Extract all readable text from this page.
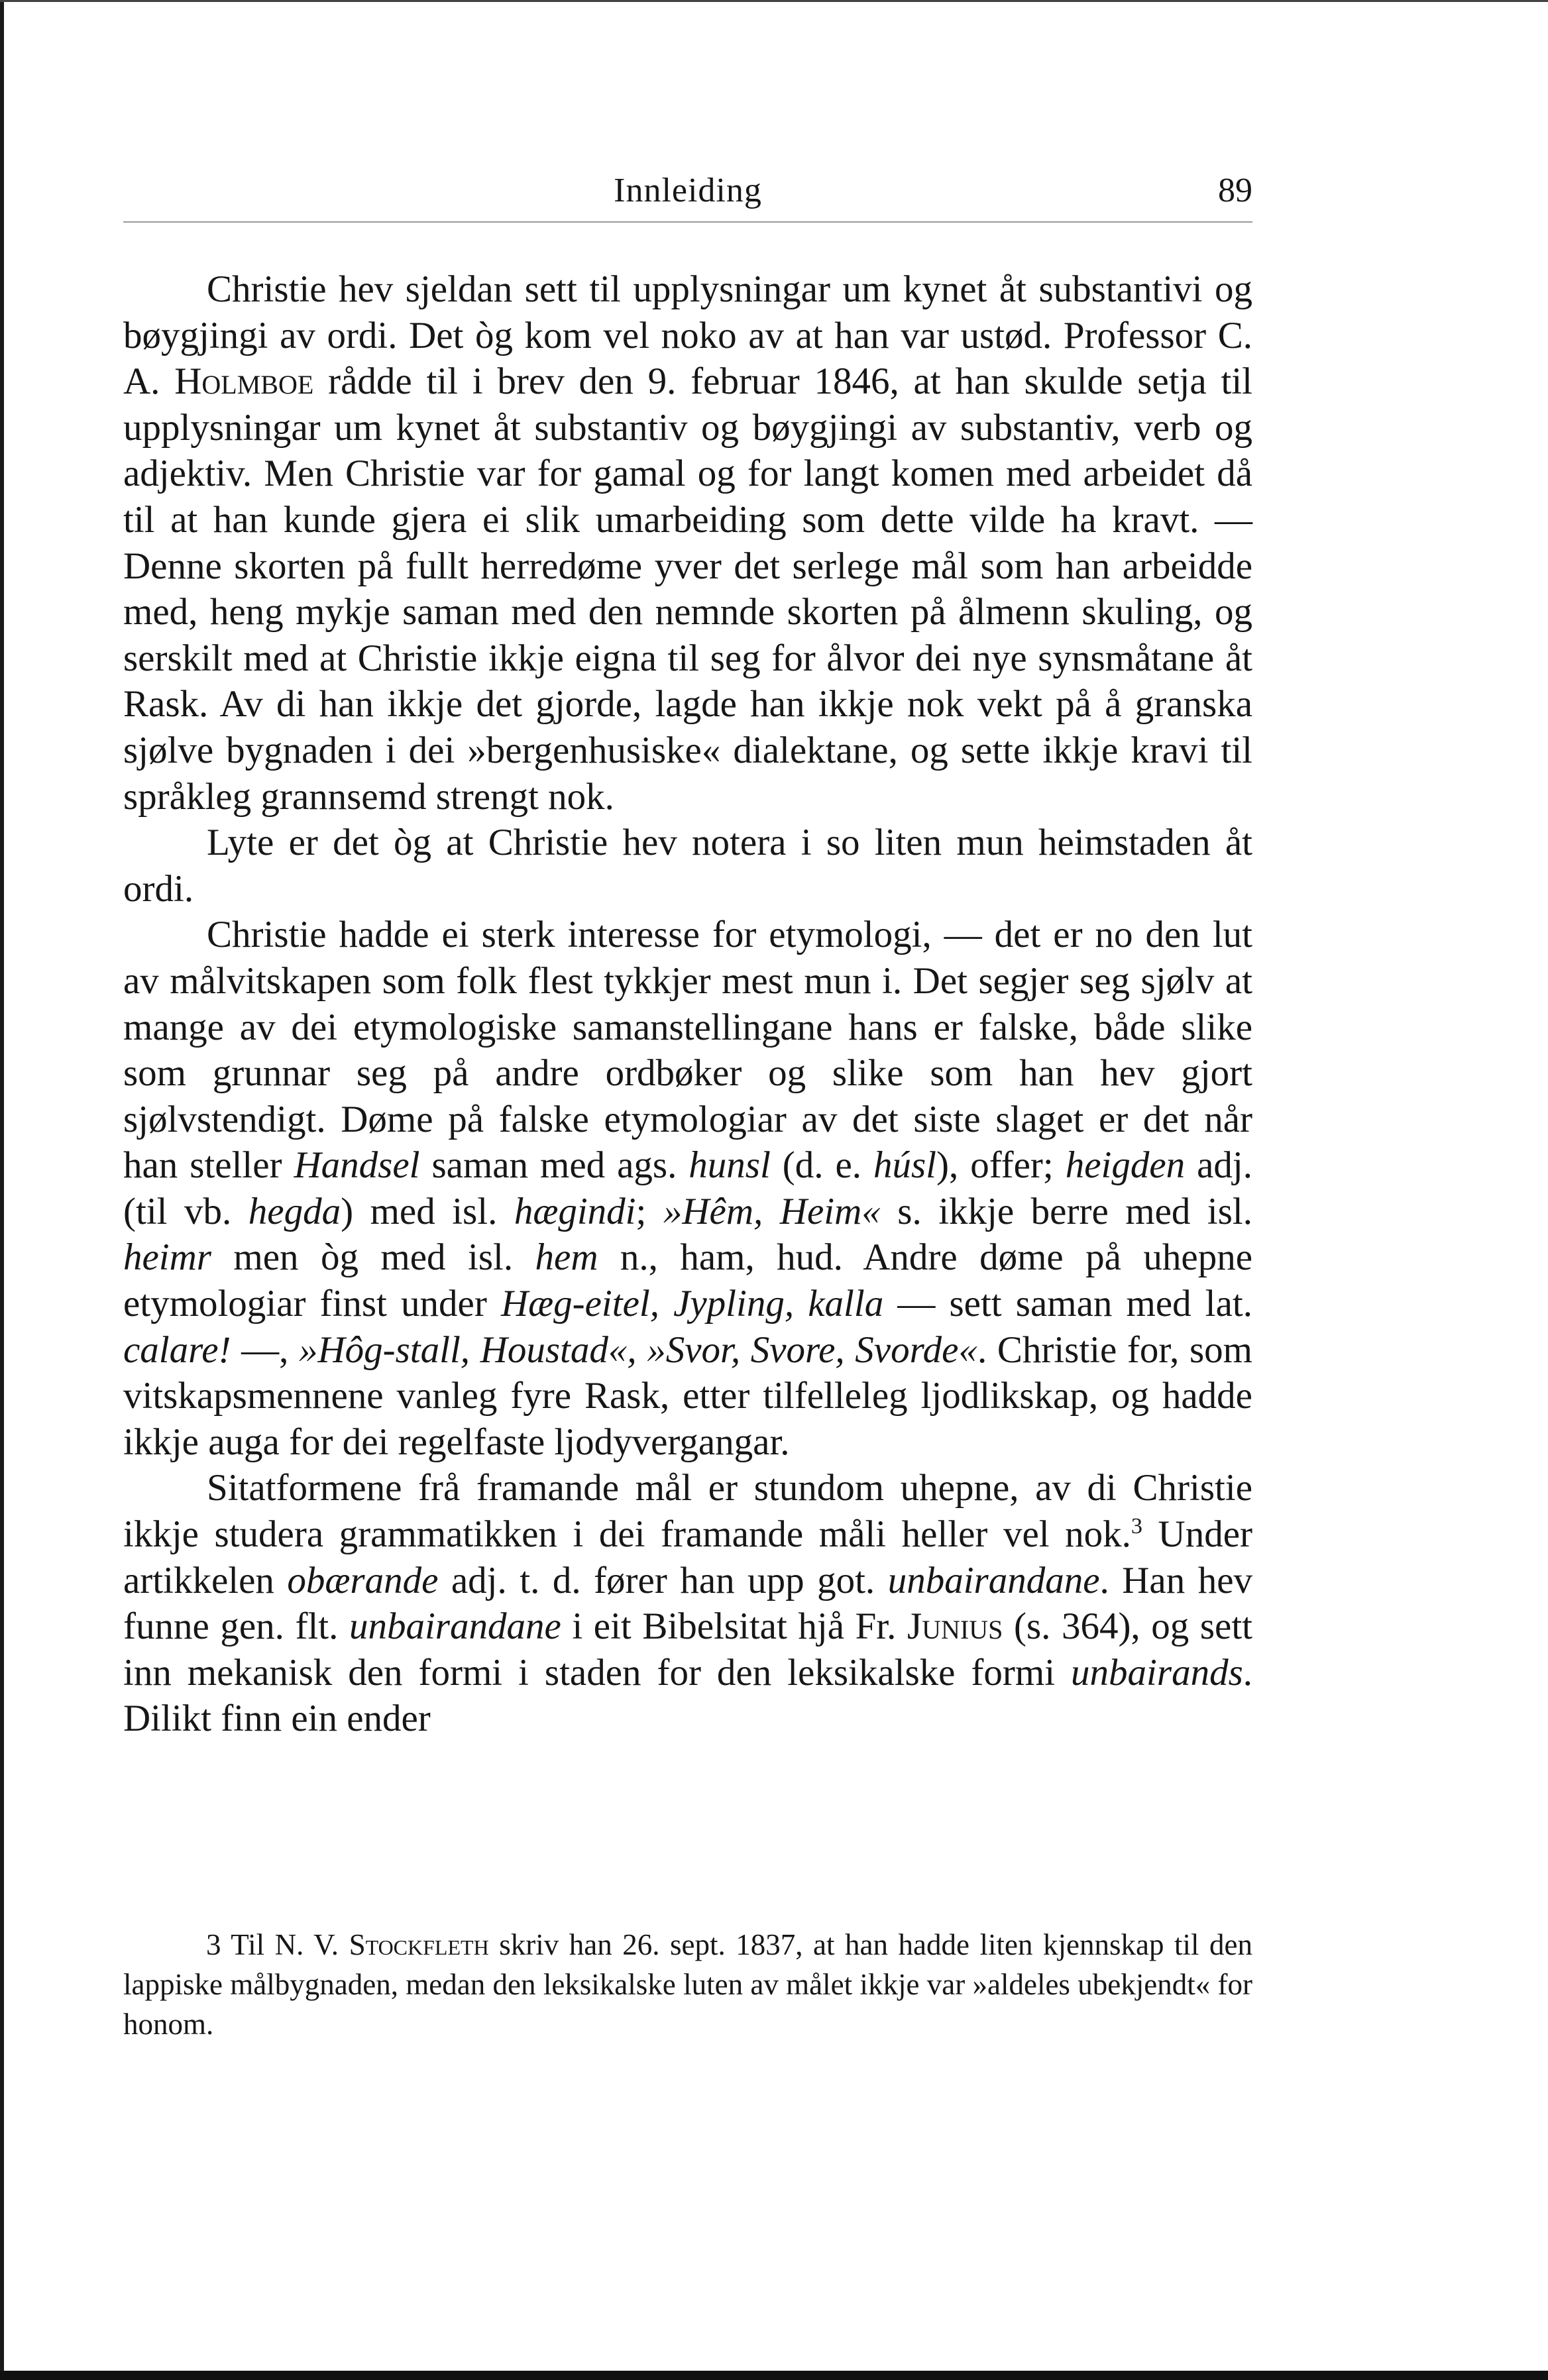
Innleiding	89

Christie hev sjeldan sett til upplysningar um kynet åt substantivi og bøygjingi av ordi. Det òg kom vel noko av at han var ustød. Professor C. A. Holmboe rådde til i brev den 9. februar 1846, at han skulde setja til upplysningar um kynet åt substantiv og bøygjingi av substantiv, verb og adjektiv. Men Christie var for gamal og for langt komen med arbeidet då til at han kunde gjera ei slik umarbeiding som dette vilde ha kravt. — Denne skorten på fullt herredøme yver det serlege mål som han arbeidde med, heng mykje saman med den nemnde skorten på ålmenn skuling, og serskilt med at Christie ikkje eigna til seg for ålvor dei nye synsmåtane åt Rask. Av di han ikkje det gjorde, lagde han ikkje nok vekt på å granska sjølve bygnaden i dei »bergenhusiske« dialektane, og sette ikkje kravi til språkleg grannsemd strengt nok.

Lyte er det òg at Christie hev notera i so liten mun heimstaden åt ordi.

Christie hadde ei sterk interesse for etymologi, — det er no den lut av målvitskapen som folk flest tykkjer mest mun i. Det segjer seg sjølv at mange av dei etymologiske samanstellingane hans er falske, både slike som grunnar seg på andre ordbøker og slike som han hev gjort sjølvstendigt. Døme på falske etymologiar av det siste slaget er det når han steller Handsel saman med ags. hunsl (d. e. húsl), offer; heigden adj. (til vb. hegda) med isl. hægindi; »Hêm, Heim« s. ikkje berre med isl. heimr men òg med isl. hem n., ham, hud. Andre døme på uhepne etymologiar finst under Hæg-eitel, Jypling, kalla — sett saman med lat. calare! —, »Hôg-stall, Houstad«, »Svor, Svore, Svorde«. Christie for, som vitskapsmennene vanleg fyre Rask, etter tilfelleleg ljodlikskap, og hadde ikkje auga for dei regelfaste ljodyvergangar.

Sitatformene frå framande mål er stundom uhepne, av di Christie ikkje studera grammatikken i dei framande måli heller vel nok.$^3$ Under artikkelen obærande adj. t. d. fører han upp got. unbairandane. Han hev funne gen. flt. unbairandane i eit Bibelsitat hjå Fr. Junius (s. 364), og sett inn mekanisk den formi i staden for den leksikalske formi unbairands. Dilikt finn ein ender

3 Til N. V. Stockfleth skriv han 26. sept. 1837, at han hadde liten kjennskap til den lappiske målbygnaden, medan den leksikalske luten av målet ikkje var »aldeles ubekjendt« for honom.
